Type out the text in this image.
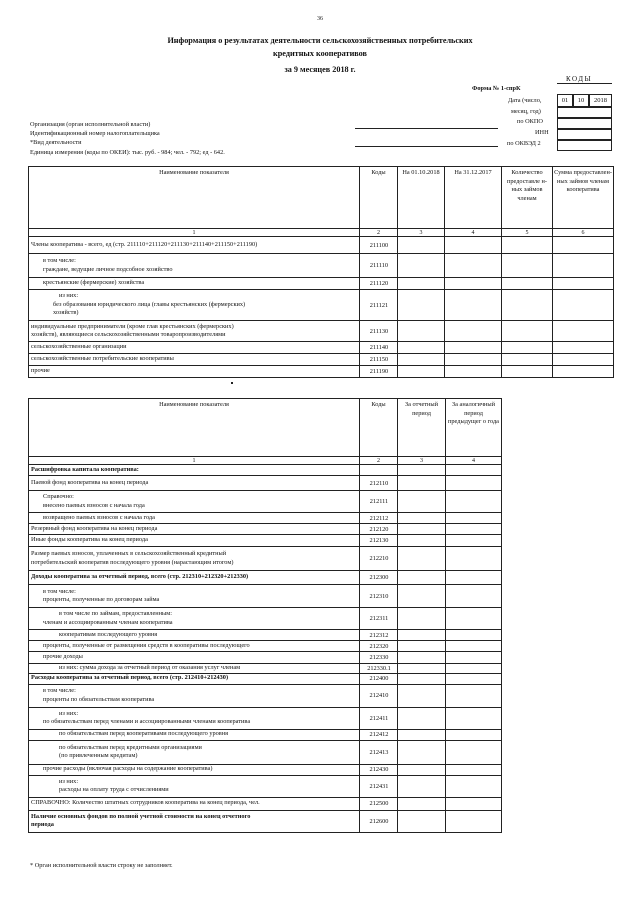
36
Информация о результатах деятельности сельскохозяйственных потребительских
кредитных кооперативов
за 9 месяцев 2018 г.
КОДЫ
Форма № 1-спрК
Дата (число,
месяц, год)
01	10	2018
по ОКПО
ИНН
по ОКВЭД 2
Организация (орган исполнительной власти)
Идентификационный номер налогоплательщика
*Вид деятельности
Единица измерения (коды по ОКЕИ): тыс. руб. - 984; чел. - 792; ед - 642.
Наименование показателя	Коды	На 01.10.2018	На 31.12.2017	Количество предоставле н- ных займов членам	Сумма предоставлен- ных займов членам кооператива
1	2	3	4	5	6
Члены кооператива - всего, ед (стр. 211110+211120+211130+211140+211150+211190)	211100				

в том числе:
граждане, ведущие личное подсобное хозяйство	211110				
крестьянские (фермерские) хозяйства	211120				

из них:
без образования юридического лица (главы крестьянских (фермерских)
хозяйств)	211121				

индивидуальные предприниматели (кроме глав крестьянских (фермерских)
хозяйств), являющиеся сельскохозяйственными товаропроизводителями	211130				
сельскохозяйственные организации	211140				
сельскохозяйственные потребительские кооперативы	211150				
прочие	211190				
Наименование показателя	Коды	За отчетный период	За аналогичный период предыдущег о года
1	2	3	4
Расшифровка капитала кооператива:			
Паевой фонд кооператива на конец периода	212110		

Справочно:
внесено паевых взносов с начала года	212111		
возвращено паевых взносов с начала года	212112		
Резервный фонд кооператива на конец периода	212120		
Иные фонды кооператива на конец периода	212130		

Размер паевых взносов, уплаченных в сельскохозяйственный кредитный
потребительский кооператив последующего уровня (нарастающим итогом)	212210		
Доходы кооператива за отчетный период, всего (стр. 212310+212320+212330)	212300		

в том числе:
проценты, полученные по договорам займа	212310		

в том числе по займам, предоставленным:
членам и ассоциированным членам кооператива	212311		
кооперативам последующего уровня	212312		
проценты, полученные от размещения средств в кооперативы последующего	212320		
прочие доходы	212330		
из них: сумма дохода за отчетный период от оказания услуг членам	212330.1		
Расходы кооператива за отчетный период, всего (стр. 212410+212430)	212400		

в том числе:
проценты по обязательствам кооператива	212410		

из них:
по обязательствам перед членами и ассоциированными членами кооператива	212411		
по обязательствам перед кооперативами последующего уровня	212412		

по обязательствам перед кредитными организациями
(по привлеченным кредитам)	212413		
прочие расходы (включая расходы на содержание кооператива)	212430		

из них:
расходы на оплату труда с отчислениями	212431		
СПРАВОЧНО: Количество штатных сотрудников кооператива на конец периода, чел.	212500		

Наличие основных фондов по полной учетной стоимости на конец отчетного
периода	212600		
* Орган исполнительной власти строку не заполняет.
